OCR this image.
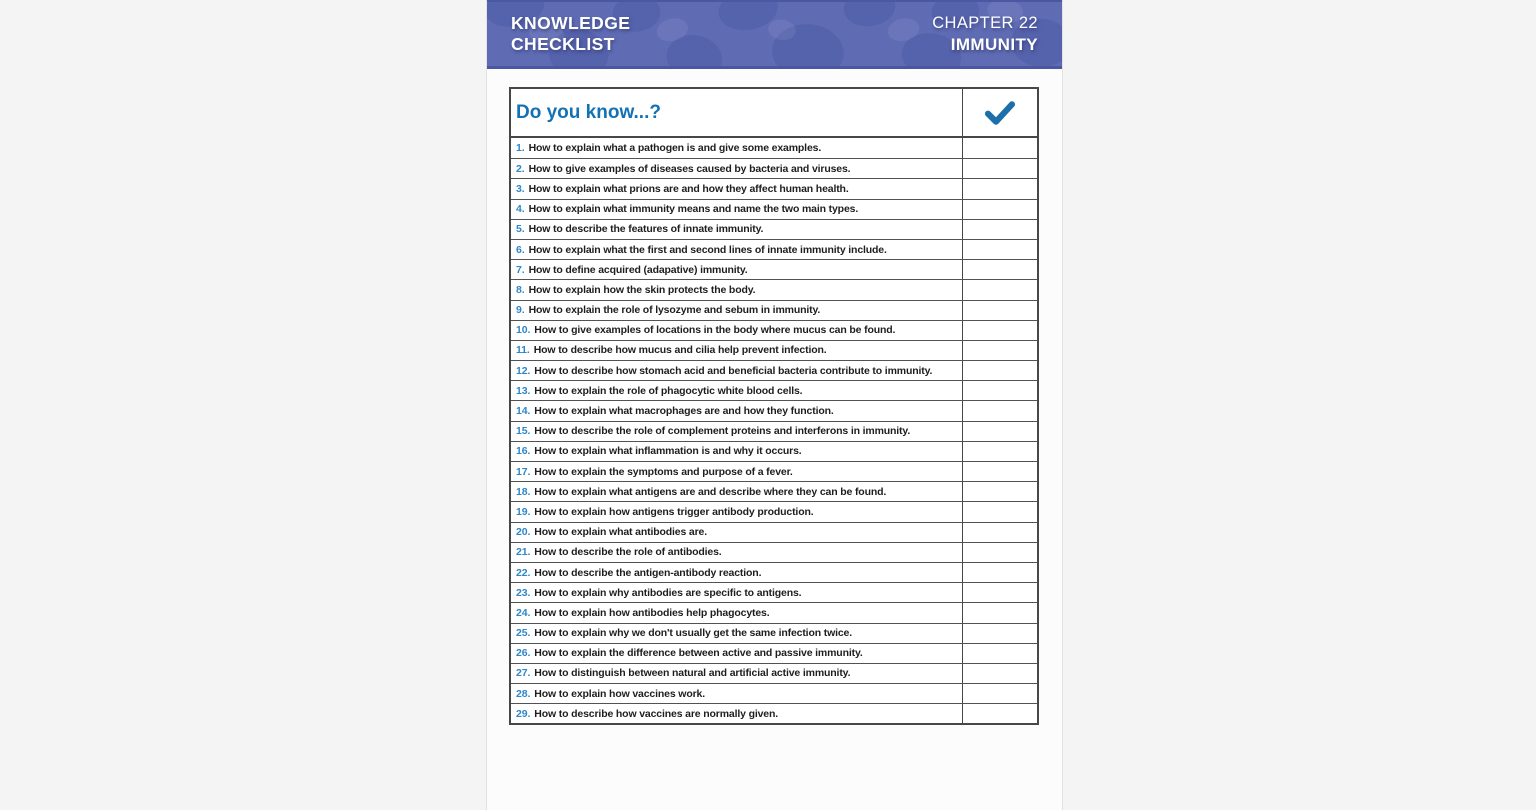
KNOWLEDGE
CHECKLIST
CHAPTER 22
IMMUNITY
Do you know...?
1. How to explain what a pathogen is and give some examples.
2. How to give examples of diseases caused by bacteria and viruses.
3. How to explain what prions are and how they affect human health.
4. How to explain what immunity means and name the two main types.
5. How to describe the features of innate immunity.
6. How to explain what the first and second lines of innate immunity include.
7. How to define acquired (adapative) immunity.
8. How to explain how the skin protects the body.
9. How to explain the role of lysozyme and sebum in immunity.
10. How to give examples of locations in the body where mucus can be found.
11. How to describe how mucus and cilia help prevent infection.
12. How to describe how stomach acid and beneficial bacteria contribute to immunity.
13. How to explain the role of phagocytic white blood cells.
14. How to explain what macrophages are and how they function.
15. How to describe the role of complement proteins and interferons in immunity.
16. How to explain what inflammation is and why it occurs.
17. How to explain the symptoms and purpose of a fever.
18. How to explain what antigens are and describe where they can be found.
19. How to explain how antigens trigger antibody production.
20. How to explain what antibodies are.
21. How to describe the role of antibodies.
22. How to describe the antigen-antibody reaction.
23. How to explain why antibodies are specific to antigens.
24. How to explain how antibodies help phagocytes.
25. How to explain why we don't usually get the same infection twice.
26. How to explain the difference between active and passive immunity.
27. How to distinguish between natural and artificial active immunity.
28. How to explain how vaccines work.
29. How to describe how vaccines are normally given.
